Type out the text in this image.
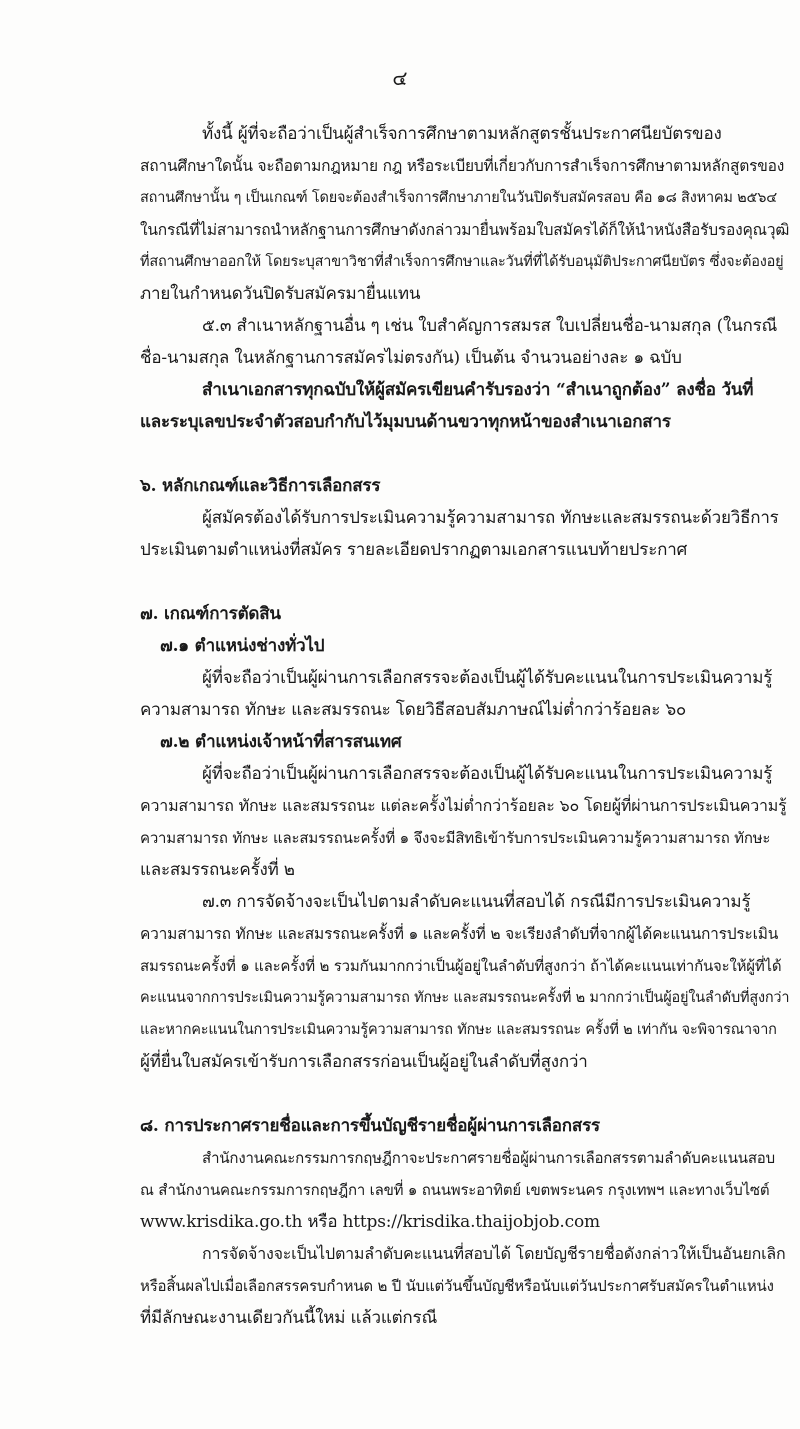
๔
ทั้งนี้ ผู้ที่จะถือว่าเป็นผู้สำเร็จการศึกษาตามหลักสูตรชั้นประกาศนียบัตรของ
สถานศึกษาใดนั้น จะถือตามกฎหมาย กฎ หรือระเบียบที่เกี่ยวกับการสำเร็จการศึกษาตามหลักสูตรของ
สถานศึกษานั้น ๆ เป็นเกณฑ์ โดยจะต้องสำเร็จการศึกษาภายในวันปิดรับสมัครสอบ คือ ๑๘ สิงหาคม ๒๕๖๔
ในกรณีที่ไม่สามารถนำหลักฐานการศึกษาดังกล่าวมายื่นพร้อมใบสมัครได้ก็ให้นำหนังสือรับรองคุณวุฒิ
ที่สถานศึกษาออกให้ โดยระบุสาขาวิชาที่สำเร็จการศึกษาและวันที่ที่ได้รับอนุมัติประกาศนียบัตร ซึ่งจะต้องอยู่
ภายในกำหนดวันปิดรับสมัครมายื่นแทน
๕.๓ สำเนาหลักฐานอื่น ๆ เช่น ใบสำคัญการสมรส ใบเปลี่ยนชื่อ-นามสกุล (ในกรณี
ชื่อ-นามสกุล ในหลักฐานการสมัครไม่ตรงกัน) เป็นต้น จำนวนอย่างละ ๑ ฉบับ
สำเนาเอกสารทุกฉบับให้ผู้สมัครเขียนคำรับรองว่า “สำเนาถูกต้อง” ลงชื่อ วันที่
และระบุเลขประจำตัวสอบกำกับไว้มุมบนด้านขวาทุกหน้าของสำเนาเอกสาร
๖. หลักเกณฑ์และวิธีการเลือกสรร
ผู้สมัครต้องได้รับการประเมินความรู้ความสามารถ ทักษะและสมรรถนะด้วยวิธีการ
ประเมินตามตำแหน่งที่สมัคร รายละเอียดปรากฏตามเอกสารแนบท้ายประกาศ
๗. เกณฑ์การตัดสิน
๗.๑ ตำแหน่งช่างทั่วไป
ผู้ที่จะถือว่าเป็นผู้ผ่านการเลือกสรรจะต้องเป็นผู้ได้รับคะแนนในการประเมินความรู้
ความสามารถ ทักษะ และสมรรถนะ โดยวิธีสอบสัมภาษณ์ไม่ต่ำกว่าร้อยละ ๖๐
๗.๒ ตำแหน่งเจ้าหน้าที่สารสนเทศ
ผู้ที่จะถือว่าเป็นผู้ผ่านการเลือกสรรจะต้องเป็นผู้ได้รับคะแนนในการประเมินความรู้
ความสามารถ ทักษะ และสมรรถนะ แต่ละครั้งไม่ต่ำกว่าร้อยละ ๖๐ โดยผู้ที่ผ่านการประเมินความรู้
ความสามารถ ทักษะ และสมรรถนะครั้งที่ ๑ จึงจะมีสิทธิเข้ารับการประเมินความรู้ความสามารถ ทักษะ
และสมรรถนะครั้งที่ ๒
๗.๓ การจัดจ้างจะเป็นไปตามลำดับคะแนนที่สอบได้ กรณีมีการประเมินความรู้
ความสามารถ ทักษะ และสมรรถนะครั้งที่ ๑ และครั้งที่ ๒ จะเรียงลำดับที่จากผู้ได้คะแนนการประเมิน
สมรรถนะครั้งที่ ๑ และครั้งที่ ๒ รวมกันมากกว่าเป็นผู้อยู่ในลำดับที่สูงกว่า ถ้าได้คะแนนเท่ากันจะให้ผู้ที่ได้
คะแนนจากการประเมินความรู้ความสามารถ ทักษะ และสมรรถนะครั้งที่ ๒ มากกว่าเป็นผู้อยู่ในลำดับที่สูงกว่า
และหากคะแนนในการประเมินความรู้ความสามารถ ทักษะ และสมรรถนะ ครั้งที่ ๒ เท่ากัน จะพิจารณาจาก
ผู้ที่ยื่นใบสมัครเข้ารับการเลือกสรรก่อนเป็นผู้อยู่ในลำดับที่สูงกว่า
๘. การประกาศรายชื่อและการขึ้นบัญชีรายชื่อผู้ผ่านการเลือกสรร
สำนักงานคณะกรรมการกฤษฎีกาจะประกาศรายชื่อผู้ผ่านการเลือกสรรตามลำดับคะแนนสอบ
ณ สำนักงานคณะกรรมการกฤษฎีกา เลขที่ ๑ ถนนพระอาทิตย์ เขตพระนคร กรุงเทพฯ และทางเว็บไซต์
www.krisdika.go.th หรือ https://krisdika.thaijobjob.com
การจัดจ้างจะเป็นไปตามลำดับคะแนนที่สอบได้ โดยบัญชีรายชื่อดังกล่าวให้เป็นอันยกเลิก
หรือสิ้นผลไปเมื่อเลือกสรรครบกำหนด ๒ ปี นับแต่วันขึ้นบัญชีหรือนับแต่วันประกาศรับสมัครในตำแหน่ง
ที่มีลักษณะงานเดียวกันนี้ใหม่ แล้วแต่กรณี
